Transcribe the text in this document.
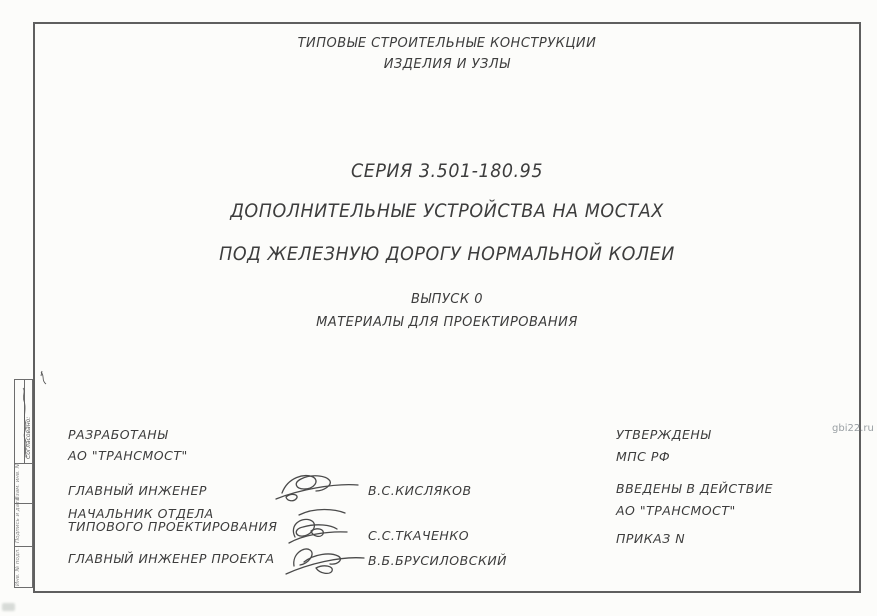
ТИПОВЫЕ СТРОИТЕЛЬНЫЕ КОНСТРУКЦИИ
ИЗДЕЛИЯ И УЗЛЫ
СЕРИЯ 3.501-180.95
ДОПОЛНИТЕЛЬНЫЕ УСТРОЙСТВА НА МОСТАХ
ПОД ЖЕЛЕЗНУЮ ДОРОГУ НОРМАЛЬНОЙ КОЛЕИ
ВЫПУСК 0
МАТЕРИАЛЫ ДЛЯ ПРОЕКТИРОВАНИЯ
РАЗРАБОТАНЫ
АО "ТРАНСМОСТ"
ГЛАВНЫЙ ИНЖЕНЕР	В.С.КИСЛЯКОВ
НАЧАЛЬНИК ОТДЕЛА
ТИПОВОГО ПРОЕКТИРОВАНИЯ
С.С.ТКАЧЕНКО
ГЛАВНЫЙ ИНЖЕНЕР ПРОЕКТА	В.Б.БРУСИЛОВСКИЙ
УТВЕРЖДЕНЫ
МПС РФ
ВВЕДЕНЫ В ДЕЙСТВИЕ
АО "ТРАНСМОСТ"
ПРИКАЗ N
Согласовано:
Взам. инв. №
Подпись и дата
Инв. № подл.
gbi22.ru
